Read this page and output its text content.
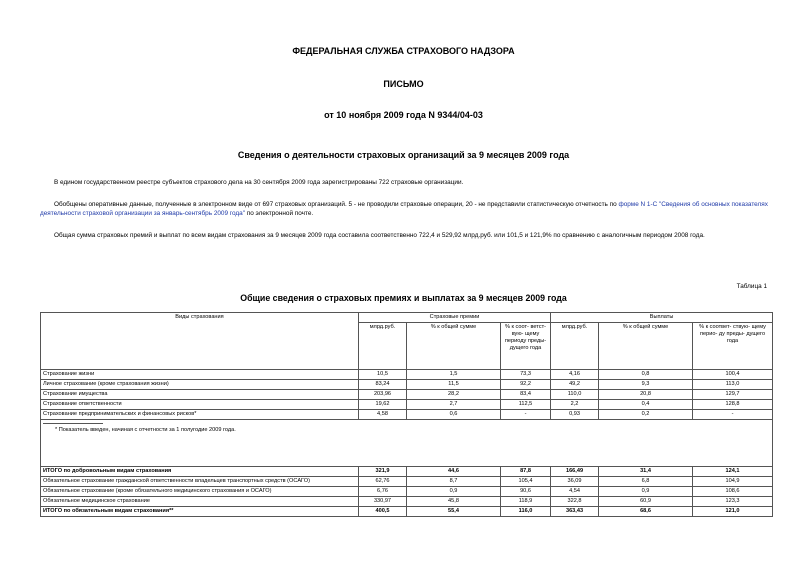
ФЕДЕРАЛЬНАЯ СЛУЖБА СТРАХОВОГО НАДЗОРА
ПИСЬМО
от 10 ноября 2009 года N 9344/04-03
Сведения о деятельности страховых организаций за 9 месяцев 2009 года
В едином государственном реестре субъектов страхового дела на 30 сентября 2009 года зарегистрированы 722 страховые организации.
Обобщены оперативные данные, полученные в электронном виде от 697 страховых организаций. 5 - не проводили страховые операции, 20 - не представили статистическую отчетность по форме N 1-С "Сведения об основных показателях деятельности страховой организации за январь-сентябрь 2009 года" по электронной почте.
Общая сумма страховых премий и выплат по всем видам страхования за 9 месяцев 2009 года составила соответственно 722,4 и 529,92 млрд.руб. или 101,5 и 121,9% по сравнению с аналогичным периодом 2008 года.
Таблица 1
Общие сведения о страховых премиях и выплатах за 9 месяцев 2009 года
Виды страхования	Страховые премии			Выплаты		
	млрд.руб.	% к общей сумме	% к соот- ветст- вую- щему периоду преды- дущего года	млрд.руб.	% к общей сумме	% к соответ- ствую- щему перио- ду преды- дущего года
Страхование жизни	10,5	1,5	73,3	4,16	0,8	100,4
Личное страхование (кроме страхования жизни)	83,24	11,5	92,2	49,2	9,3	113,0
Страхование имущества	203,96	28,2	83,4	110,0	20,8	129,7
Страхование ответственности	19,62	2,7	112,5	2,2	0,4	128,8
Страхование предпринимательских и финансовых рисков*	4,58	0,6	-	0,93	0,2	-

* Показатель введен, начиная с отчетности за 1 полугодие 2009 года.						

ИТОГО по добровольным видам страхования	321,9	44,6	87,8	166,49	31,4	124,1
Обязательное страхование гражданской ответственности владельцев транспортных средств (ОСАГО)	62,76	8,7	105,4	36,09	6,8	104,9
Обязательное страхование (кроме обязательного медицинского страхования и ОСАГО)	6,76	0,9	90,6	4,54	0,9	108,6
Обязательное медицинское страхование	330,97	45,8	118,9	322,8	60,9	123,3
ИТОГО по обязательным видам страхования**	400,5	55,4	116,0	363,43	68,6	121,0
